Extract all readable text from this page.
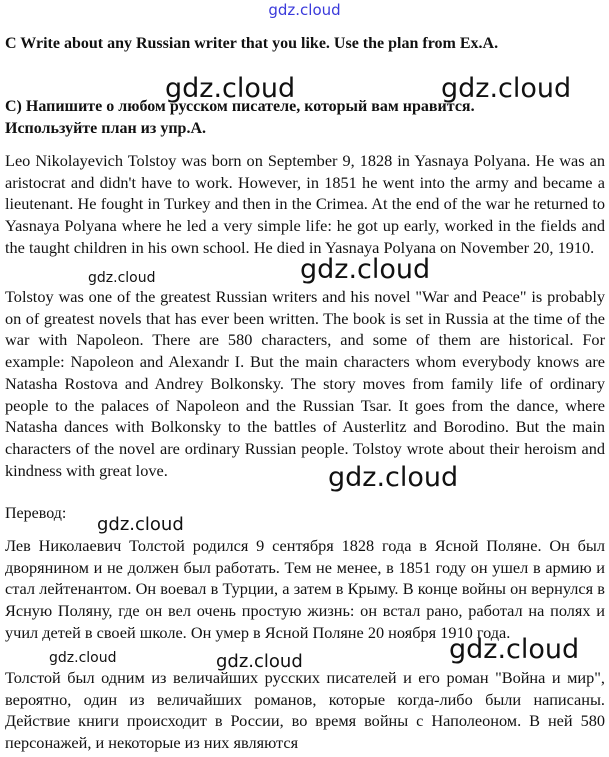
gdz.cloud
C Write about any Russian writer that you like. Use the plan from Ex.A.
C) Напишите о любом русском писателе, который вам нравится. Используйте план из упр.A.
Leo Nikolayevich Tolstoy was born on September 9, 1828 in Yasnaya Polyana. He was an aristocrat and didn't have to work. However, in 1851 he went into the army and became a lieutenant. He fought in Turkey and then in the Crimea. At the end of the war he returned to Yasnaya Polyana where he led a very simple life: he got up early, worked in the fields and the taught children in his own school. He died in Yasnaya Polyana on November 20, 1910.
Tolstoy was one of the greatest Russian writers and his novel "War and Peace" is probably on of greatest novels that has ever been written. The book is set in Russia at the time of the war with Napoleon. There are 580 characters, and some of them are historical. For example: Napoleon and Alexandr I. But the main characters whom everybody knows are Natasha Rostova and Andrey Bolkonsky. The story moves from family life of ordinary people to the palaces of Napoleon and the Russian Tsar. It goes from the dance, where Natasha dances with Bolkonsky to the battles of Austerlitz and Borodino. But the main characters of the novel are ordinary Russian people. Tolstoy wrote about their heroism and kindness with great love.
Перевод:
Лев Николаевич Толстой родился 9 сентября 1828 года в Ясной Поляне. Он был дворянином и не должен был работать. Тем не менее, в 1851 году он ушел в армию и стал лейтенантом. Он воевал в Турции, а затем в Крыму. В конце войны он вернулся в Ясную Поляну, где он вел очень простую жизнь: он встал рано, работал на полях и учил детей в своей школе. Он умер в Ясной Поляне 20 ноября 1910 года.
Толстой был одним из величайших русских писателей и его роман "Война и мир", вероятно, один из величайших романов, которые когда-либо были написаны. Действие книги происходит в России, во время войны с Наполеоном. В ней 580 персонажей, и некоторые из них являются
gdz.cloud	gdz.cloud
gdz.cloud
gdz.cloud
gdz.cloud
gdz.cloud
gdz.cloud
gdz.cloud	gdz.cloud
